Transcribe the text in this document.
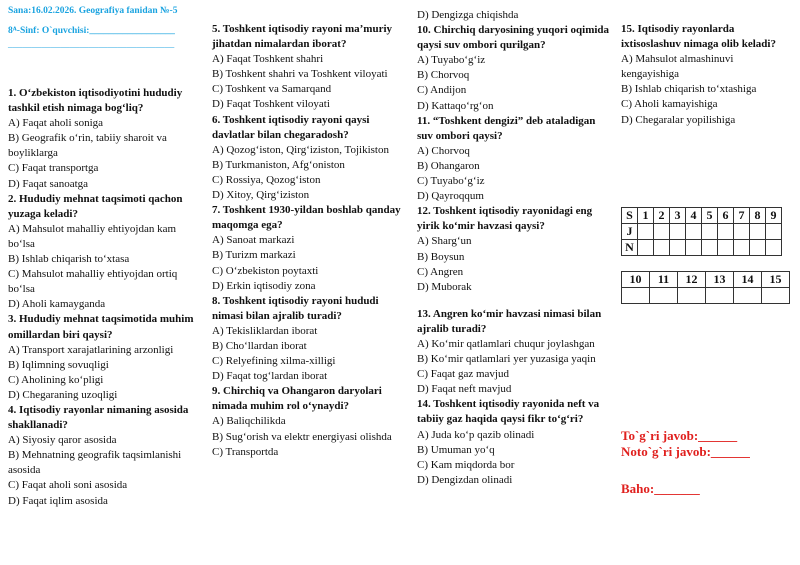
Sana:16.02.2026. Geografiya fanidan №-5
8ᴬ-Sinf: O`quvchisi:__________________
___________________________________
1. O‘zbekiston iqtisodiyotini hududiy tashkil etish nimaga bog‘liq?
A) Faqat aholi soniga
B) Geografik o‘rin, tabiiy sharoit va boyliklarga
C) Faqat transportga
D) Faqat sanoatga
2. Hududiy mehnat taqsimoti qachon yuzaga keladi?
A) Mahsulot mahalliy ehtiyojdan kam bo‘lsa
B) Ishlab chiqarish to‘xtasa
C) Mahsulot mahalliy ehtiyojdan ortiq bo‘lsa
D) Aholi kamayganda
3. Hududiy mehnat taqsimotida muhim omillardan biri qaysi?
A) Transport xarajatlarining arzonligi
B) Iqlimning sovuqligi
C) Aholining ko‘pligi
D) Chegaraning uzoqligi
4. Iqtisodiy rayonlar nimaning asosida shakllanadi?
A) Siyosiy qaror asosida
B) Mehnatning geografik taqsimlanishi asosida
C) Faqat aholi soni asosida
D) Faqat iqlim asosida
5. Toshkent iqtisodiy rayoni ma’muriy jihatdan nimalardan iborat?
A) Faqat Toshkent shahri
B) Toshkent shahri va Toshkent viloyati
C) Toshkent va Samarqand
D) Faqat Toshkent viloyati
6. Toshkent iqtisodiy rayoni qaysi davlatlar bilan chegaradosh?
A) Qozog‘iston, Qirg‘iziston, Tojikiston
B) Turkmaniston, Afg‘oniston
C) Rossiya, Qozog‘iston
D) Xitoy, Qirg‘iziston
7. Toshkent 1930-yildan boshlab qanday maqomga ega?
A) Sanoat markazi
B) Turizm markazi
C) O‘zbekiston poytaxti
D) Erkin iqtisodiy zona
8. Toshkent iqtisodiy rayoni hududi nimasi bilan ajralib turadi?
A) Tekisliklardan iborat
B) Cho‘llardan iborat
C) Relyefining xilma-xilligi
D) Faqat tog‘lardan iborat
9. Chirchiq va Ohangaron daryolari nimada muhim rol o‘ynaydi?
A) Baliqchilikda
B) Sug‘orish va elektr energiyasi olishda
C) Transportda
D) Dengizga chiqishda
10. Chirchiq daryosining yuqori oqimida qaysi suv ombori qurilgan?
A) Tuyabo‘g‘iz
B) Chorvoq
C) Andijon
D) Kattaqo‘rg‘on
11. “Toshkent dengizi” deb ataladigan suv ombori qaysi?
A) Chorvoq
B) Ohangaron
C) Tuyabo‘g‘iz
D) Qayroqqum
12. Toshkent iqtisodiy rayonidagi eng yirik ko‘mir havzasi qaysi?
A) Sharg‘un
B) Boysun
C) Angren
D) Muborak
13. Angren ko‘mir havzasi nimasi bilan ajralib turadi?
A) Ko‘mir qatlamlari chuqur joylashgan
B) Ko‘mir qatlamlari yer yuzasiga yaqin
C) Faqat gaz mavjud
D) Faqat neft mavjud
14. Toshkent iqtisodiy rayonida neft va tabiiy gaz haqida qaysi fikr to‘g‘ri?
A) Juda ko‘p qazib olinadi
B) Umuman yo‘q
C) Kam miqdorda bor
D) Dengizdan olinadi
15. Iqtisodiy rayonlarda ixtisoslashuv nimaga olib keladi?
A) Mahsulot almashinuvi kengayishiga
B) Ishlab chiqarish to‘xtashiga
C) Aholi kamayishiga
D) Chegaralar yopilishiga
S	1	2	3	4	5	6	7	8	9
J									
N									
10	11	12	13	14	15

To`g`ri javob:______
Noto`g`ri javob:______
Baho:_______
